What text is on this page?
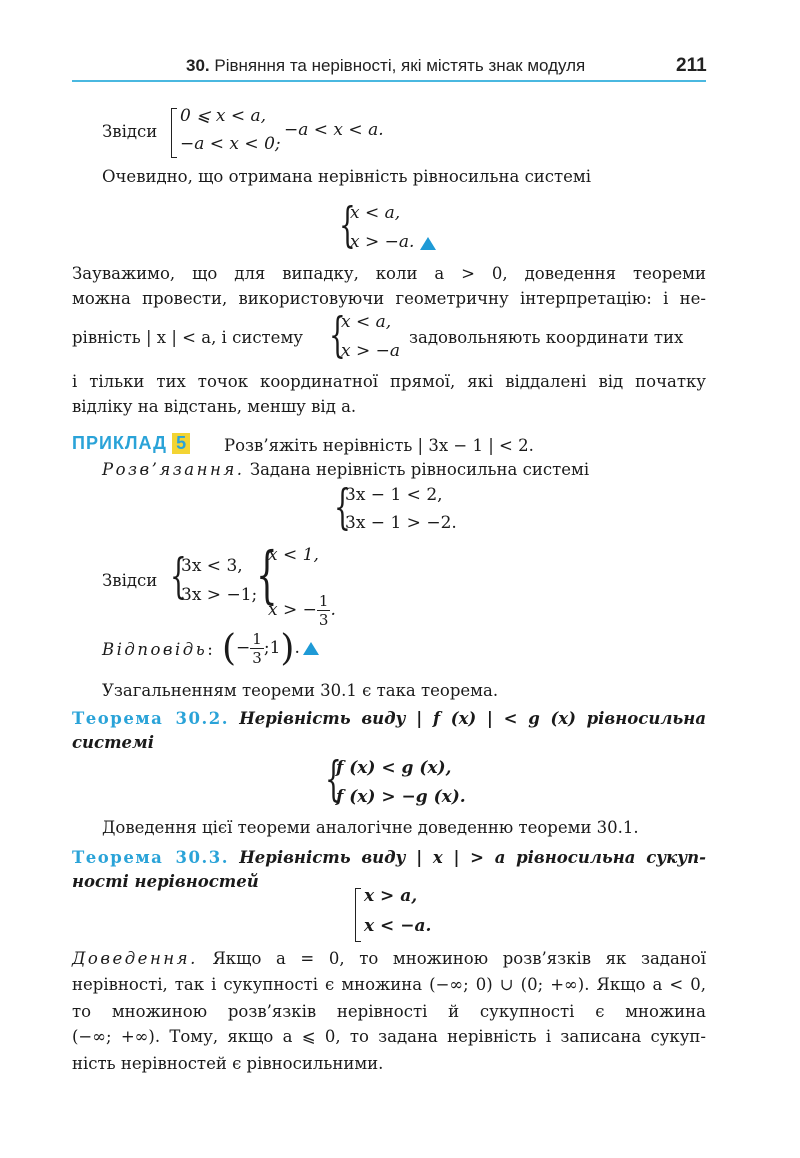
30. Рівняння та нерівності, які містять знак модуля	211
Звідси
0 ⩽ x < a,
−a < x < 0;
−a < x < a.
Очевидно, що отримана нерівність рівносильна системі
{
x < a,
x > −a.
Зауважимо, що для випадку, коли a > 0, доведення теореми
можна провести, використовуючи геометричну інтерпретацію: і не-
рівність | x | < a, і систему {
x < a,
x > −a
задовольняють координати тих
і тільки тих точок координатної прямої, які віддалені від початку
відліку на відстань, меншу від a.
ПРИКЛАД 5 Розв’яжіть нерівність | 3x − 1 | < 2.
Розв’язання. Задана нерівність рівносильна системі
{
3x − 1 < 2,
3x − 1 > −2.
Звідси {
3x < 3,
3x > −1;
{
x < 1,
x > − $\frac{1}{3}$ .
Відповідь: (− $\frac{1}{3}$ ;1).
Узагальненням теореми 30.1 є така теорема.
Теорема 30.2. Нерівність виду | f (x) | < g (x) рівносильна
системі
{
f (x) < g (x),
f (x) > −g (x).
Доведення цієї теореми аналогічне доведенню теореми 30.1.
Теорема 30.3. Нерівність виду | x | > a рівносильна сукуп-
ності нерівностей
x > a,
x < −a.
Доведення. Якщо a = 0, то множиною розв’язків як заданої
нерівності, так і сукупності є множина (−∞; 0) ∪ (0; +∞). Якщо a < 0,
то множиною розв’язків нерівності й сукупності є множина
(−∞; +∞). Тому, якщо a ⩽ 0, то задана нерівність і записана сукуп-
ність нерівностей є рівносильними.
